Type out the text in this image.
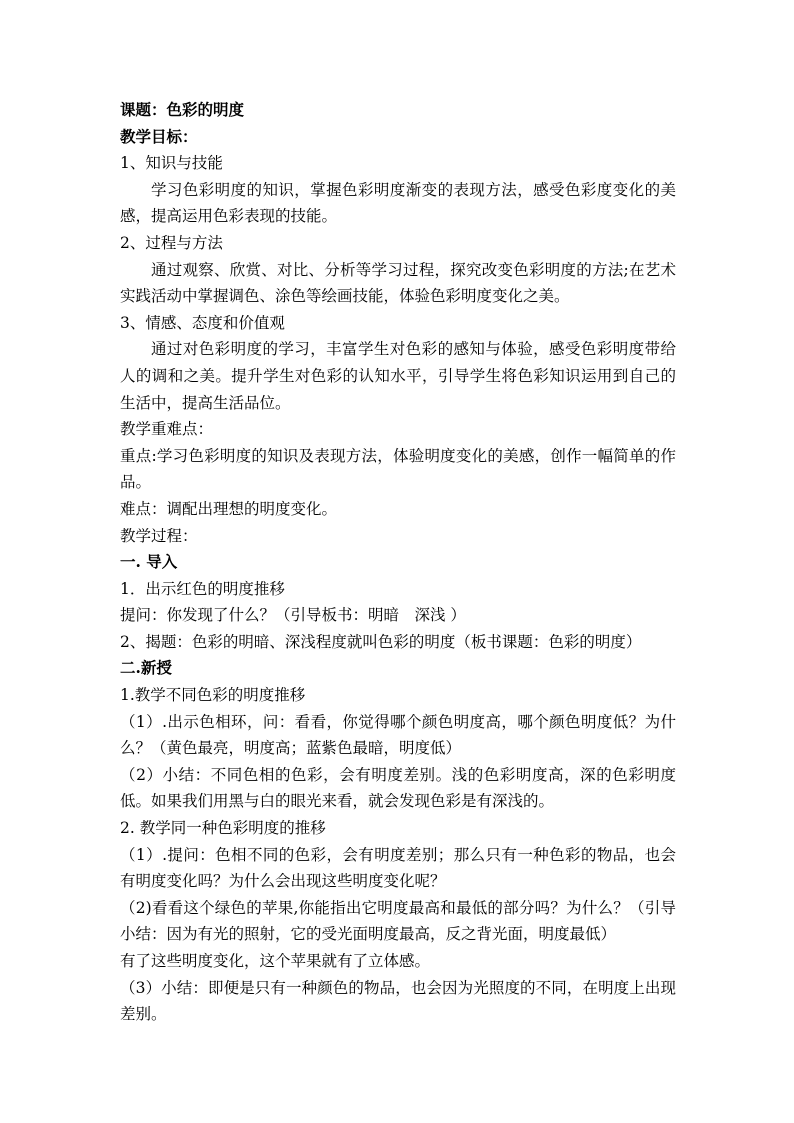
课题：色彩的明度

教学目标：

1、知识与技能

学习色彩明度的知识，掌握色彩明度渐变的表现方法，感受色彩度变化的美感，提高运用色彩表现的技能。

2、过程与方法

通过观察、欣赏、对比、分析等学习过程，探究改变色彩明度的方法;在艺术实践活动中掌握调色、涂色等绘画技能，体验色彩明度变化之美。

3、情感、态度和价值观

通过对色彩明度的学习，丰富学生对色彩的感知与体验，感受色彩明度带给人的调和之美。提升学生对色彩的认知水平，引导学生将色彩知识运用到自己的生活中，提高生活品位。

教学重难点：

重点:学习色彩明度的知识及表现方法，体验明度变化的美感，创作一幅简单的作品。

难点：调配出理想的明度变化。

教学过程：

一. 导入

1．出示红色的明度推移

提问：你发现了什么？（引导板书：明暗　深浅 ）

2、揭题：色彩的明暗、深浅程度就叫色彩的明度（板书课题：色彩的明度）

二.新授

1.教学不同色彩的明度推移

（1）.出示色相环，问：看看，你觉得哪个颜色明度高，哪个颜色明度低？为什么？（黄色最亮，明度高；蓝紫色最暗，明度低）

（2）小结：不同色相的色彩，会有明度差别。浅的色彩明度高，深的色彩明度低。如果我们用黑与白的眼光来看，就会发现色彩是有深浅的。

2. 教学同一种色彩明度的推移

（1）.提问：色相不同的色彩，会有明度差别；那么只有一种色彩的物品，也会有明度变化吗？为什么会出现这些明度变化呢？

（2)看看这个绿色的苹果,你能指出它明度最高和最低的部分吗？为什么？（引导小结：因为有光的照射，它的受光面明度最高，反之背光面，明度最低）

有了这些明度变化，这个苹果就有了立体感。

（3）小结：即便是只有一种颜色的物品，也会因为光照度的不同，在明度上出现差别。
